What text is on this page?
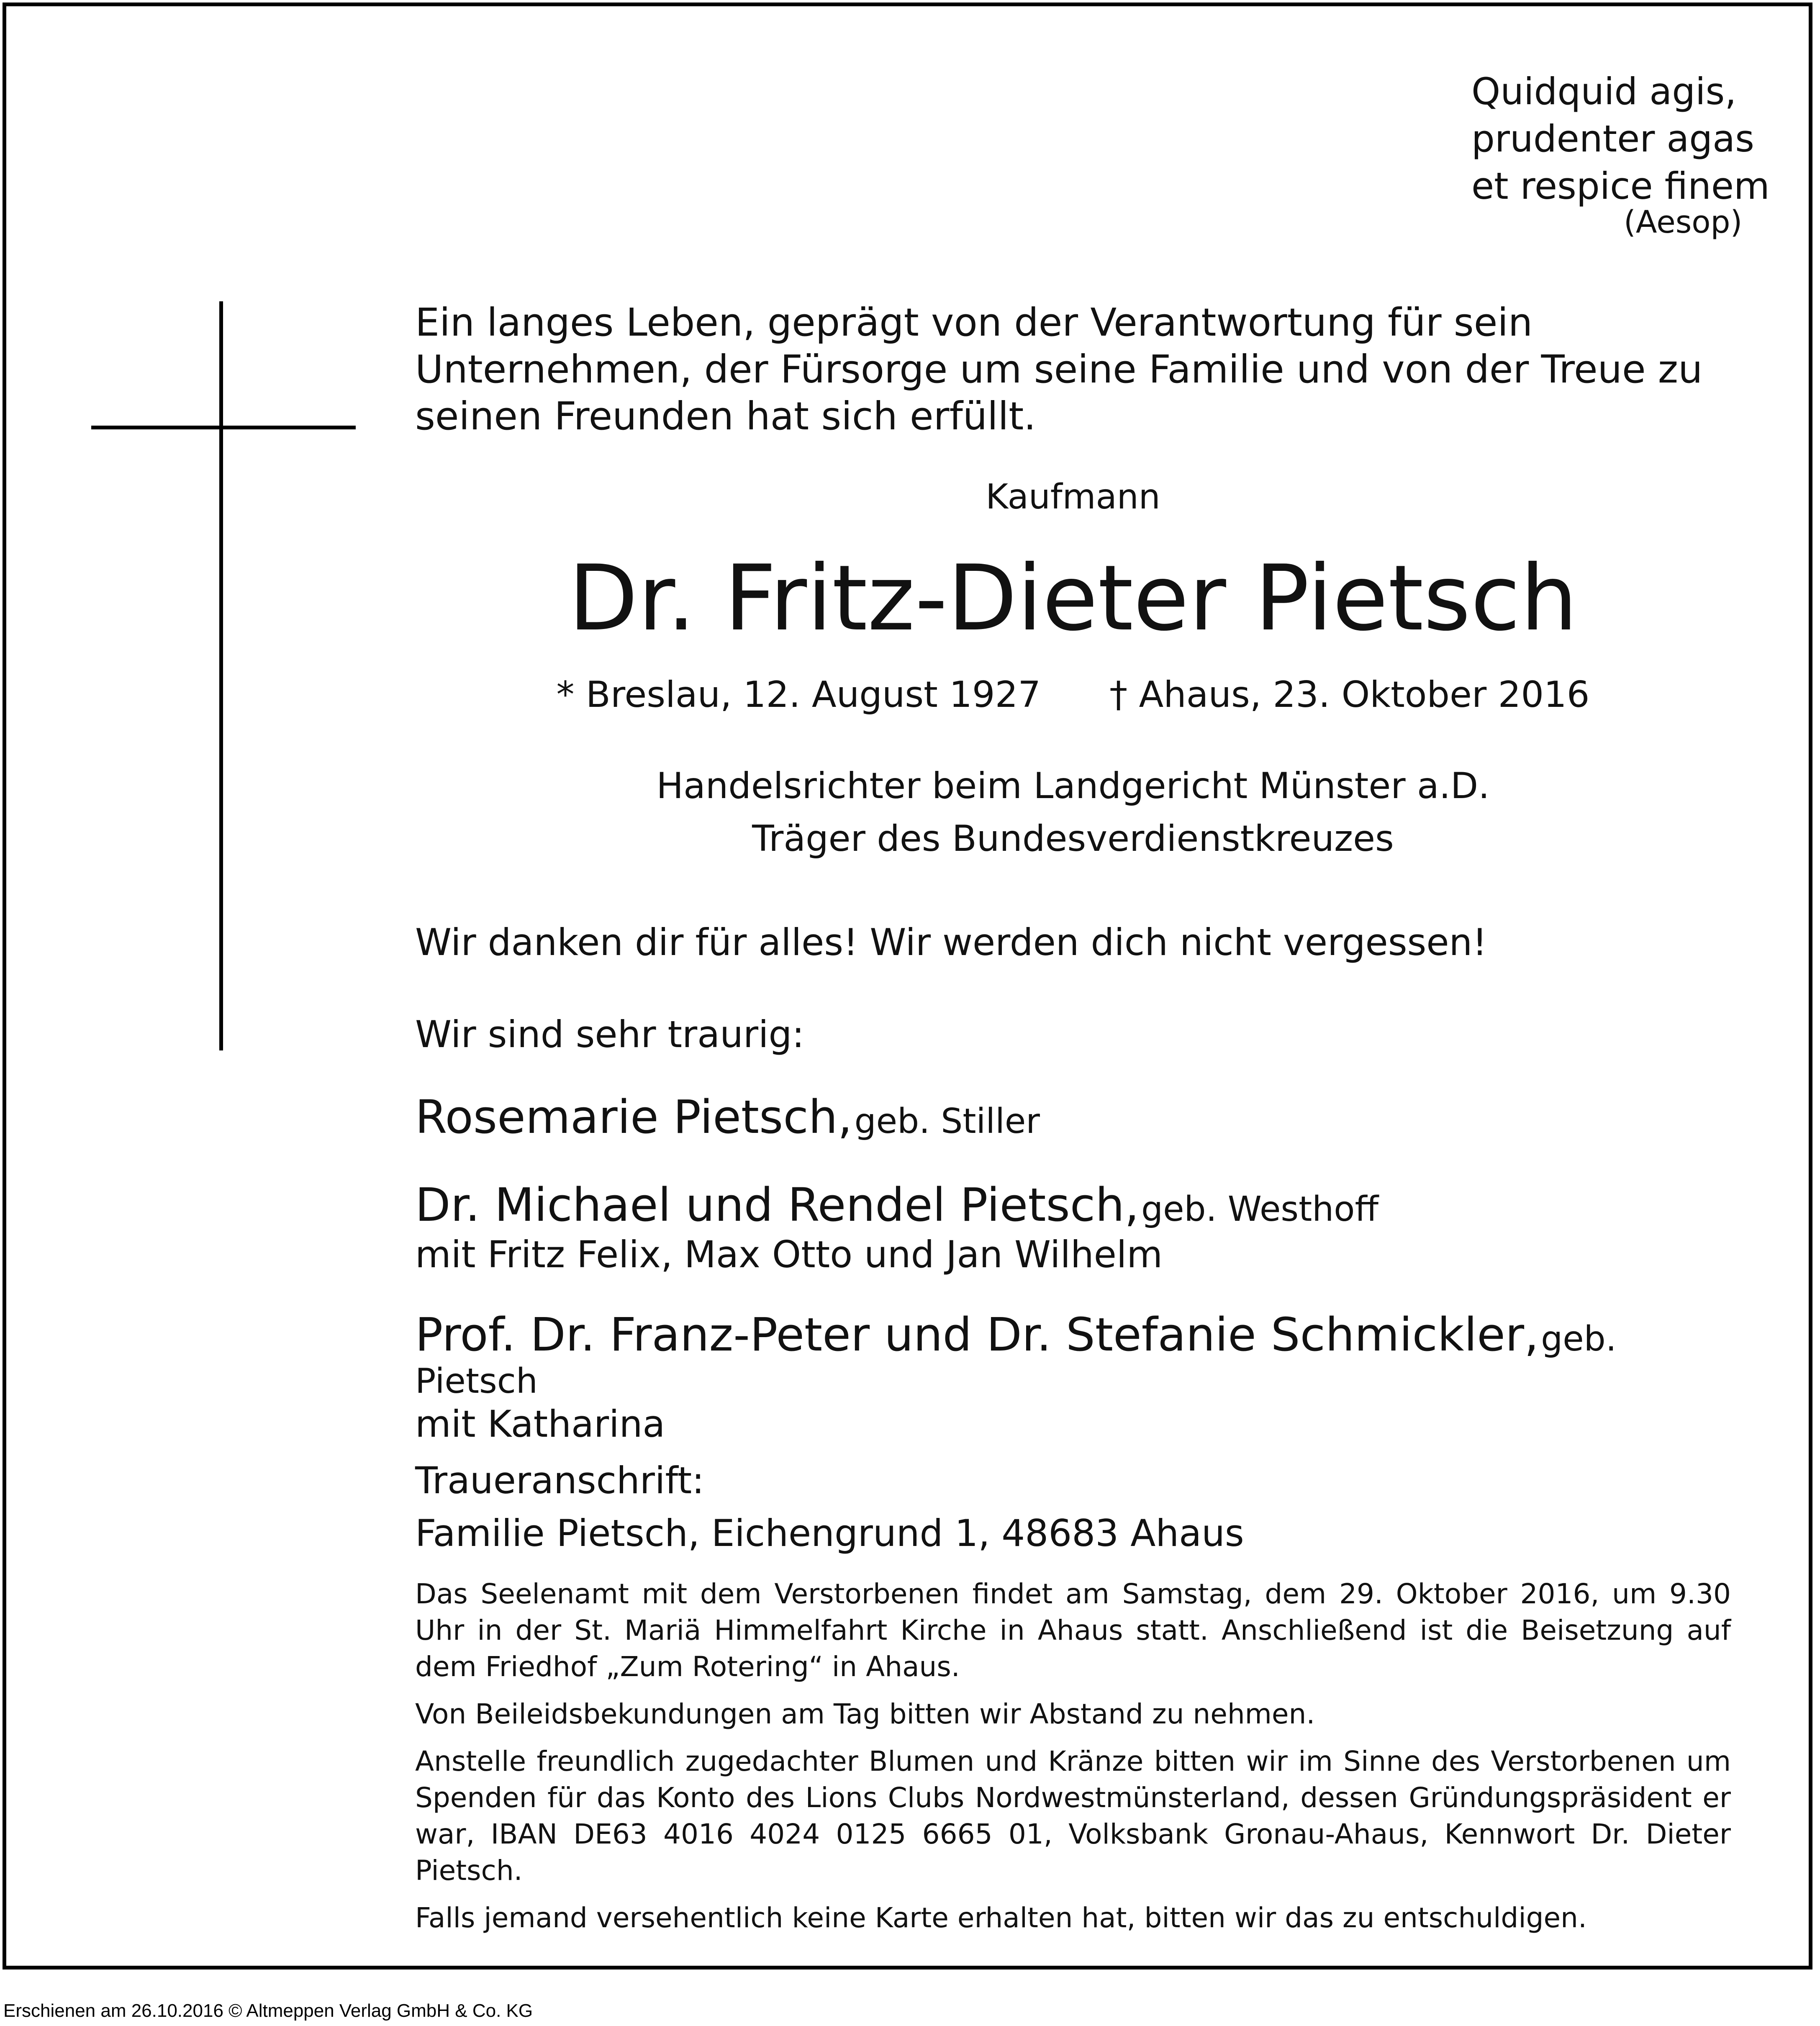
Quidquid agis,
prudenter agas
et respice finem
(Aesop)
Ein langes Leben, geprägt von der Verantwortung für sein Unternehmen, der Fürsorge um seine Familie und von der Treue zu seinen Freunden hat sich erfüllt.
Kaufmann
Dr. Fritz-Dieter Pietsch
* Breslau, 12. August 1927 † Ahaus, 23. Oktober 2016
Handelsrichter beim Landgericht Münster a.D.
Träger des Bundesverdienstkreuzes
Wir danken dir für alles! Wir werden dich nicht vergessen!
Wir sind sehr traurig:
Rosemarie Pietsch, geb. Stiller
Dr. Michael und Rendel Pietsch, geb. Westhoff
mit Fritz Felix, Max Otto und Jan Wilhelm
Prof. Dr. Franz-Peter und Dr. Stefanie Schmickler, geb. Pietsch
mit Katharina
Traueranschrift:
Familie Pietsch, Eichengrund 1, 48683 Ahaus

Das Seelenamt mit dem Verstorbenen findet am Samstag, dem 29. Oktober 2016, um 9.30 Uhr in der St. Mariä Himmelfahrt Kirche in Ahaus statt. Anschließend ist die Beisetzung auf dem Friedhof „Zum Rotering“ in Ahaus.

Von Beileidsbekundungen am Tag bitten wir Abstand zu nehmen.

Anstelle freundlich zugedachter Blumen und Kränze bitten wir im Sinne des Verstorbenen um Spenden für das Konto des Lions Clubs Nordwestmünsterland, dessen Gründungspräsident er war, IBAN DE63 4016 4024 0125 6665 01, Volksbank Gronau-Ahaus, Kennwort Dr. Dieter Pietsch.

Falls jemand versehentlich keine Karte erhalten hat, bitten wir das zu entschuldigen.

Erschienen am 26.10.2016 © Altmeppen Verlag GmbH & Co. KG
